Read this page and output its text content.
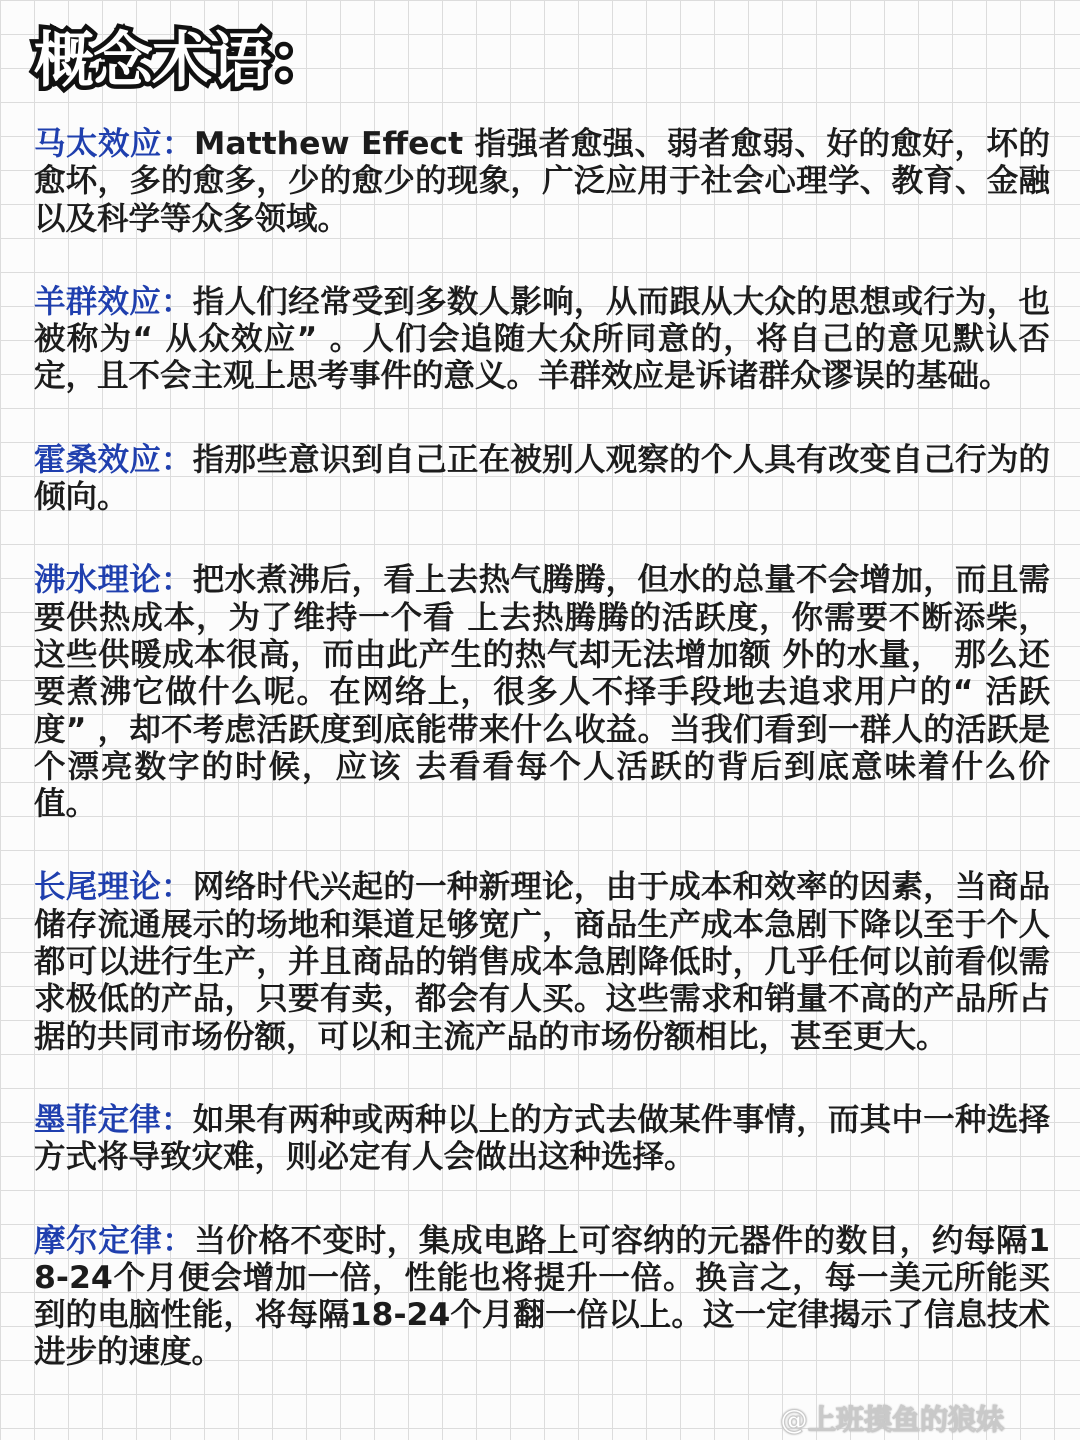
概念术语：

马太效应：Matthew Effect 指强者愈强、弱者愈弱、好的愈好，坏的愈坏，多的愈多，少的愈少的现象，广泛应用于社会心理学、教育、金融以及科学等众多领域。

羊群效应：指人们经常受到多数人影响，从而跟从大众的思想或行为，也被称为“ 从众效应” 。人们会追随大众所同意的，将自己的意见默认否定，且不会主观上思考事件的意义。羊群效应是诉诸群众谬误的基础。

霍桑效应：指那些意识到自己正在被别人观察的个人具有改变自己行为的倾向。

沸水理论：把水煮沸后，看上去热气腾腾，但水的总量不会增加，而且需要供热成本，为了维持一个看 上去热腾腾的活跃度，你需要不断添柴，这些供暖成本很高，而由此产生的热气却无法增加额 外的水量， 那么还要煮沸它做什么呢。在网络上，很多人不择手段地去追求用户的“ 活跃度” ，却不考虑活跃度到底能带来什么收益。当我们看到一群人的活跃是个漂亮数字的时候，应该 去看看每个人活跃的背后到底意味着什么价值。

长尾理论：网络时代兴起的一种新理论，由于成本和效率的因素，当商品储存流通展示的场地和渠道足够宽广，商品生产成本急剧下降以至于个人都可以进行生产，并且商品的销售成本急剧降低时，几乎任何以前看似需求极低的产品，只要有卖，都会有人买。这些需求和销量不高的产品所占据的共同市场份额，可以和主流产品的市场份额相比，甚至更大。

墨菲定律：如果有两种或两种以上的方式去做某件事情，而其中一种选择方式将导致灾难，则必定有人会做出这种选择。

摩尔定律：当价格不变时，集成电路上可容纳的元器件的数目，约每隔18-24个月便会增加一倍，性能也将提升一倍。换言之，每一美元所能买到的电脑性能，将每隔18-24个月翻一倍以上。这一定律揭示了信息技术进步的速度。

@上班摸鱼的狼妹
